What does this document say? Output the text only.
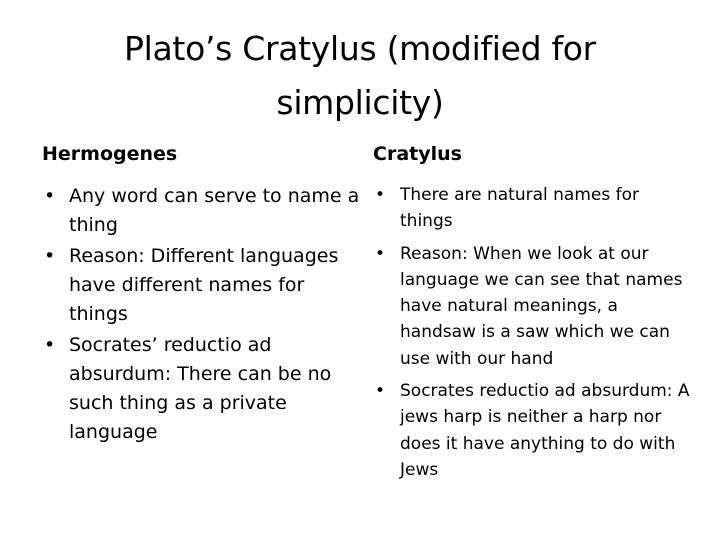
Plato’s Cratylus (modified for simplicity)
Hermogenes
• Any word can serve to name a thing
• Reason: Different languages have different names for things
• Socrates’ reductio ad absurdum: There can be no such thing as a private language
Cratylus
• There are natural names for things
• Reason: When we look at our language we can see that names have natural meanings, a handsaw is a saw which we can use with our hand
• Socrates reductio ad absurdum: A jews harp is neither a harp nor does it have anything to do with Jews
